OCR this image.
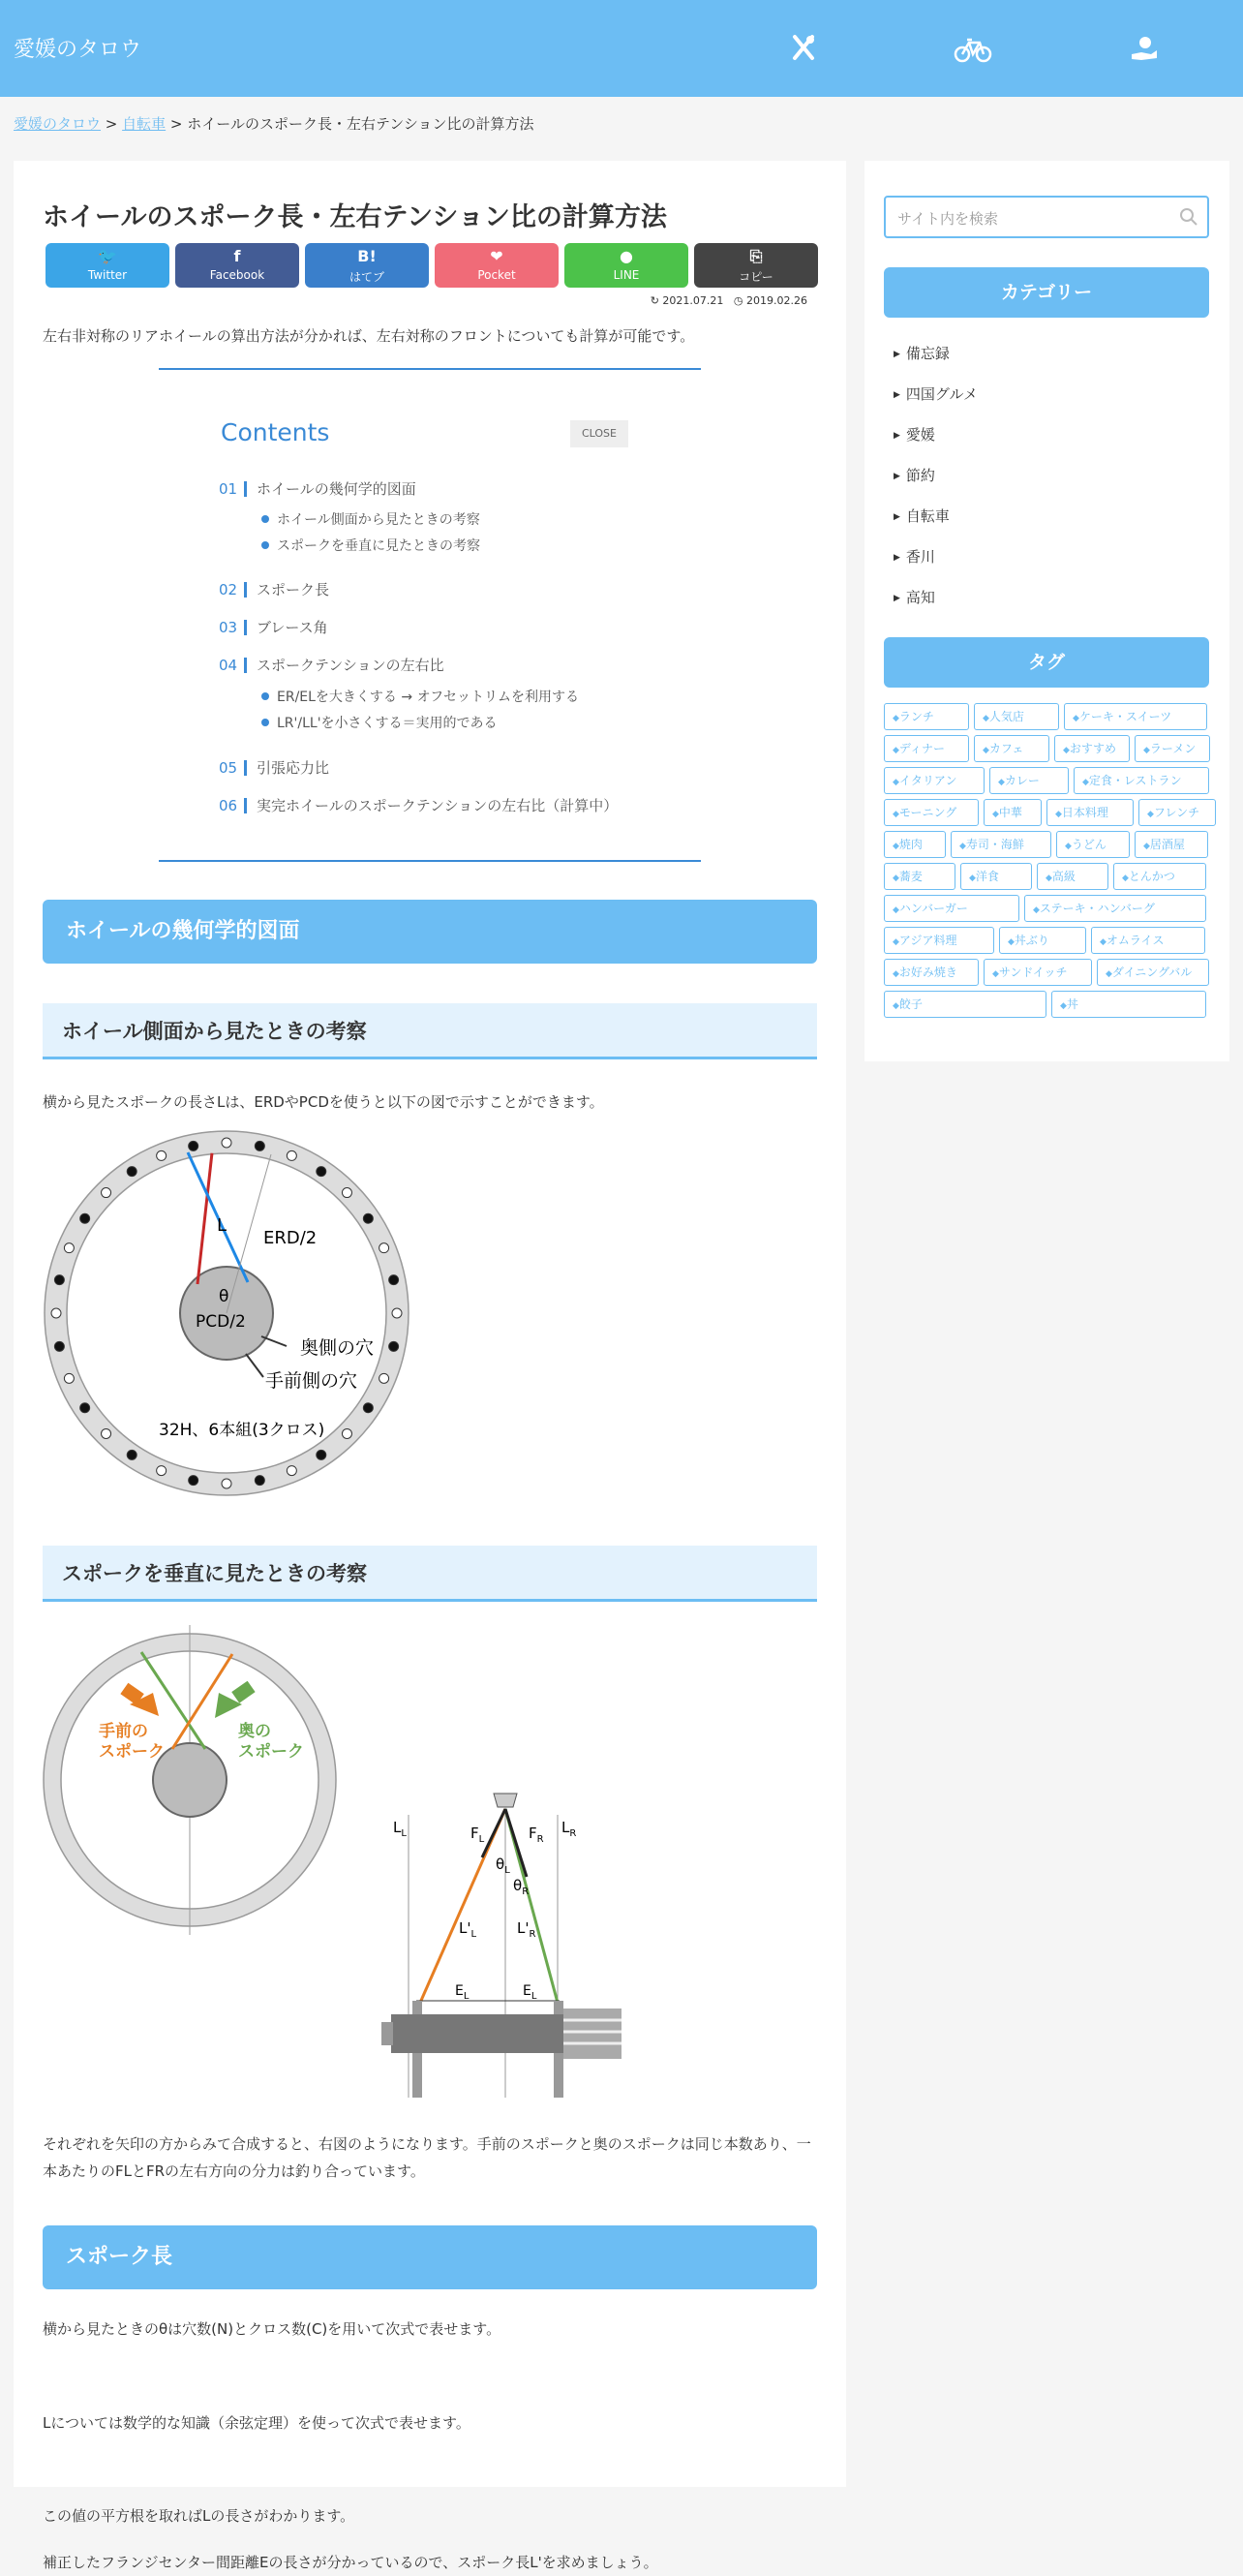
愛媛のタロウ
愛媛のタロウ > 自転車 > ホイールのスポーク長・左右テンション比の計算方法
ホイールのスポーク長・左右テンション比の計算方法
🐦
Twitter
f
Facebook
B!
はてブ
❤
Pocket
●
LINE
⎘
コピー
↻ 2021.07.21 ◷ 2019.02.26

左右非対称のリアホイールの算出方法が分かれば、左右対称のフロントについても計算が可能です。

Contents	CLOSE
01 ホイールの幾何学的図面
ホイール側面から見たときの考察
スポークを垂直に見たときの考察
02 スポーク長
03 ブレース角
04 スポークテンションの左右比
ER/ELを大きくする → オフセットリムを利用する
LR'/LL'を小さくする＝実用的である
05 引張応力比
06 実完ホイールのスポークテンションの左右比（計算中）
ホイールの幾何学的図面
ホイール側面から見たときの考察

横から見たスポークの長さLは、ERDやPCDを使うと以下の図で示すことができます。

L
ERD/2
θ
PCD/2
奥側の穴
手前側の穴
32H、6本組(3クロス)
スポークを垂直に見たときの考察
手前の
スポーク
奥の
スポーク
$L_L$	$L_R$
$F_L$	$F_R$
$\theta_L$
$\theta_R$
$L'_L$	$L'_R$
$E_L$	$E_L$

それぞれを矢印の方からみて合成すると、右図のようになります。手前のスポークと奥のスポークは同じ本数あり、一本あたりのFLとFRの左右方向の分力は釣り合っています。

スポーク長

横から見たときのθは穴数(N)とクロス数(C)を用いて次式で表せます。

Lについては数学的な知識（余弦定理）を使って次式で表せます。

この値の平方根を取ればLの長さがわかります。

補正したフランジセンター間距離Eの長さが分かっているので、スポーク長L'を求めましょう。

サイト内を検索
カテゴリー
▶ 備忘録
▶ 四国グルメ
▶ 愛媛
▶ 節約
▶ 自転車
▶ 香川
▶ 高知
タグ
◆ ランチ	◆ 人気店	◆ ケーキ・スイーツ
◆ ディナー	◆ カフェ	◆ おすすめ	◆ ラーメン
◆ イタリアン	◆ カレー	◆ 定食・レストラン
◆ モーニング	◆ 中華	◆ 日本料理	◆ フレンチ
◆ 焼肉	◆ 寿司・海鮮	◆ うどん	◆ 居酒屋
◆ 蕎麦	◆ 洋食	◆ 高級	◆ とんかつ
◆ ハンバーガー	◆ ステーキ・ハンバーグ
◆ アジア料理	◆ 丼ぶり	◆ オムライス
◆ お好み焼き	◆ サンドイッチ	◆ ダイニングバル
◆ 餃子	◆ 丼
